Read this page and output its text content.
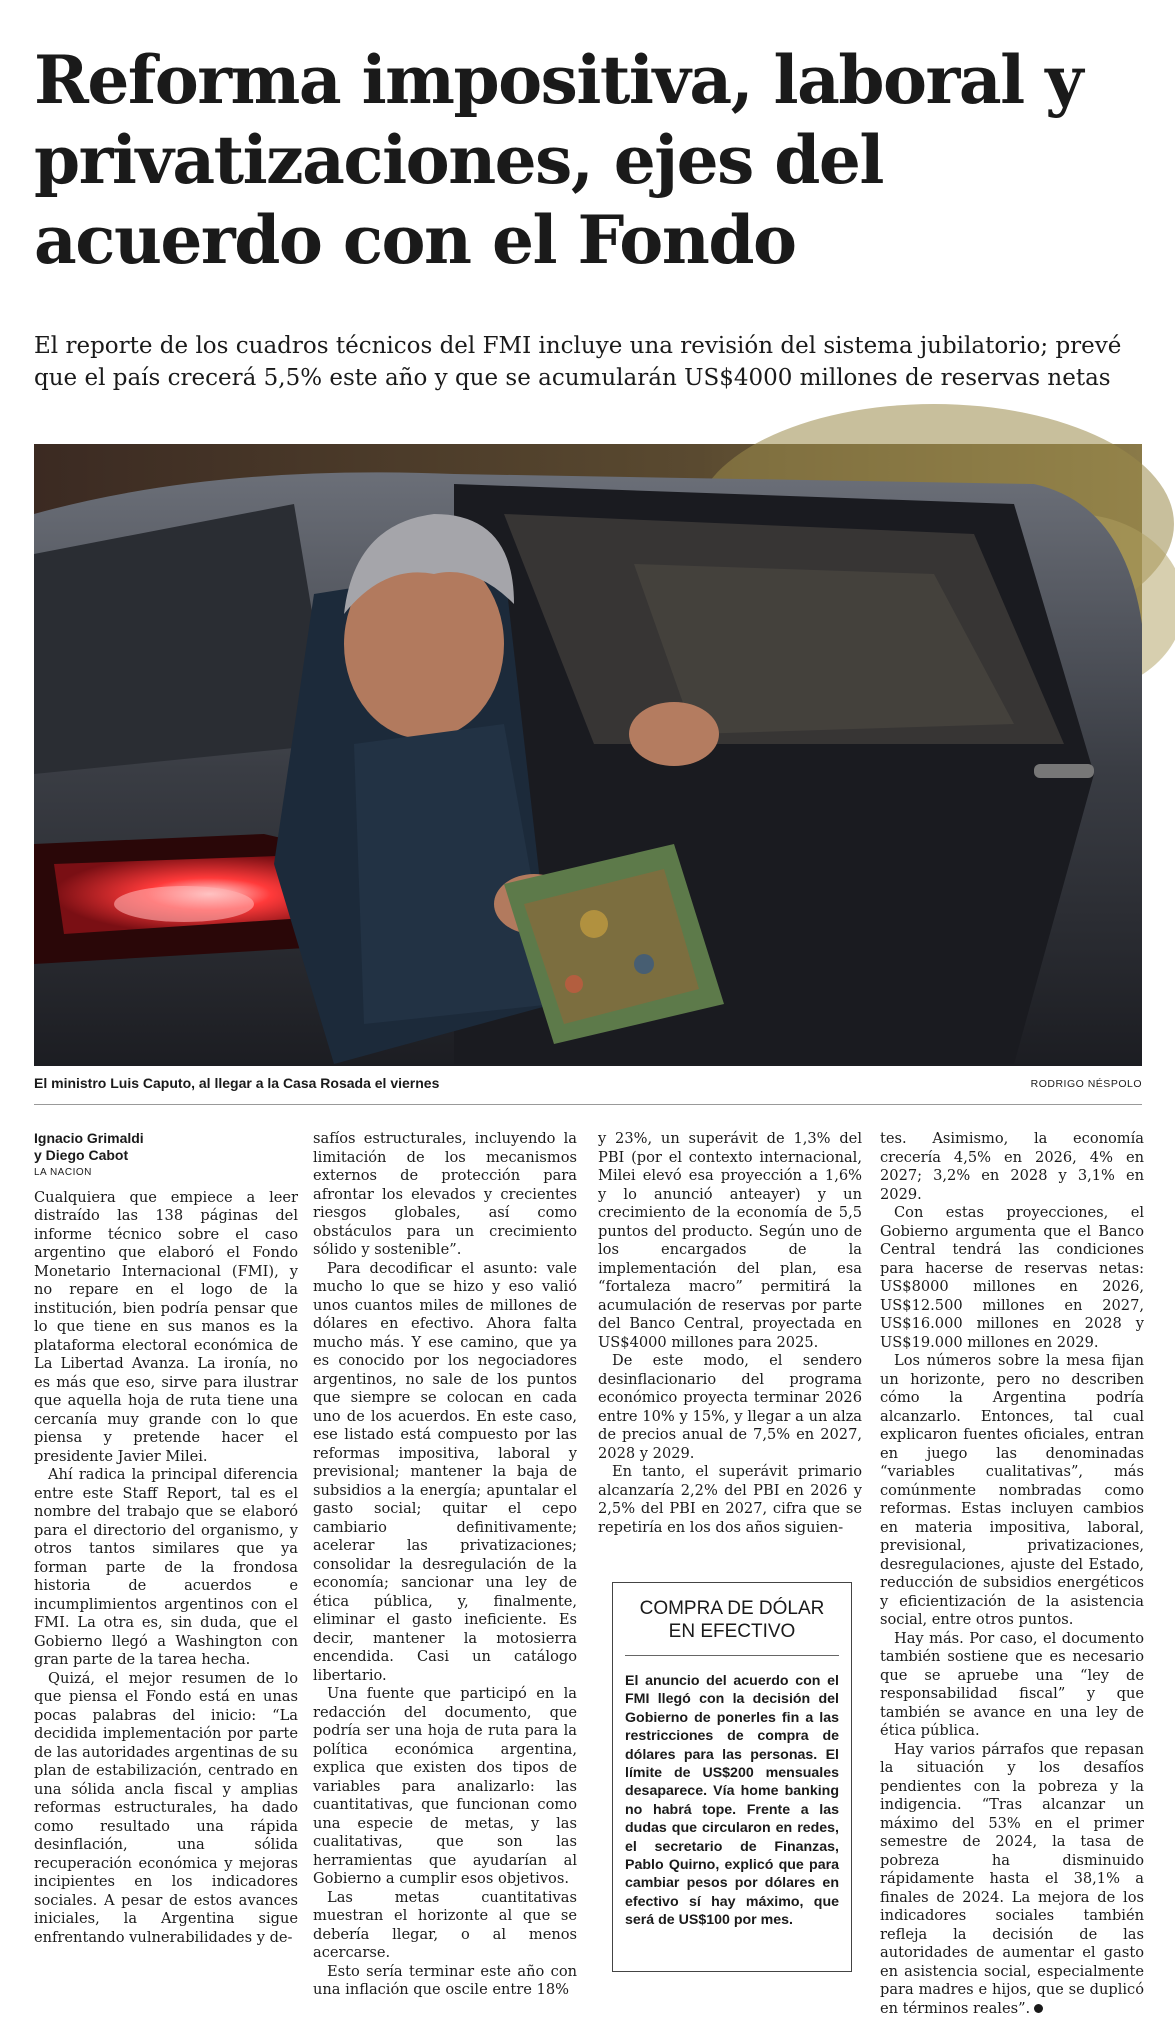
Reforma impositiva, laboral y privatizaciones, ejes del acuerdo con el Fondo

El reporte de los cuadros técnicos del FMI incluye una revisión del sistema jubilatorio; prevé que el país crecerá 5,5% este año y que se acumularán US$4000 millones de reservas netas

El ministro Luis Caputo, al llegar a la Casa Rosada el viernes	RODRIGO NÉSPOLO
Ignacio Grimaldi
y Diego Cabot
LA NACION

Cualquiera que empiece a leer distraído las 138 páginas del informe técnico sobre el caso argentino que elaboró el Fondo Monetario Internacional (FMI), y no repare en el logo de la institución, bien podría pensar que lo que tiene en sus manos es la plataforma electoral económica de La Libertad Avanza. La ironía, no es más que eso, sirve para ilustrar que aquella hoja de ruta tiene una cercanía muy grande con lo que piensa y pretende hacer el presidente Javier Milei.

Ahí radica la principal diferencia entre este Staff Report, tal es el nombre del trabajo que se elaboró para el directorio del organismo, y otros tantos similares que ya forman parte de la frondosa historia de acuerdos e incumplimientos argentinos con el FMI. La otra es, sin duda, que el Gobierno llegó a Washington con gran parte de la tarea hecha.

Quizá, el mejor resumen de lo que piensa el Fondo está en unas pocas palabras del inicio: “La decidida implementación por parte de las autoridades argentinas de su plan de estabilización, centrado en una sólida ancla fiscal y amplias reformas estructurales, ha dado como resultado una rápida desinflación, una sólida recuperación económica y mejoras incipientes en los indicadores sociales. A pesar de estos avances iniciales, la Argentina sigue enfrentando vulnerabilidades y de-

safíos estructurales, incluyendo la limitación de los mecanismos externos de protección para afrontar los elevados y crecientes riesgos globales, así como obstáculos para un crecimiento sólido y sostenible”.

Para decodificar el asunto: vale mucho lo que se hizo y eso valió unos cuantos miles de millones de dólares en efectivo. Ahora falta mucho más. Y ese camino, que ya es conocido por los negociadores argentinos, no sale de los puntos que siempre se colocan en cada uno de los acuerdos. En este caso, ese listado está compuesto por las reformas impositiva, laboral y previsional; mantener la baja de subsidios a la energía; apuntalar el gasto social; quitar el cepo cambiario definitivamente; acelerar las privatizaciones; consolidar la desregulación de la economía; sancionar una ley de ética pública, y, finalmente, eliminar el gasto ineficiente. Es decir, mantener la motosierra encendida. Casi un catálogo libertario.

Una fuente que participó en la redacción del documento, que podría ser una hoja de ruta para la política económica argentina, explica que existen dos tipos de variables para analizarlo: las cuantitativas, que funcionan como una especie de metas, y las cualitativas, que son las herramientas que ayudarían al Gobierno a cumplir esos objetivos.

Las metas cuantitativas muestran el horizonte al que se debería llegar, o al menos acercarse.

Esto sería terminar este año con una inflación que oscile entre 18%

y 23%, un superávit de 1,3% del PBI (por el contexto internacional, Milei elevó esa proyección a 1,6% y lo anunció anteayer) y un crecimiento de la economía de 5,5 puntos del producto. Según uno de los encargados de la implementación del plan, esa “fortaleza macro” permitirá la acumulación de reservas por parte del Banco Central, proyectada en US$4000 millones para 2025.

De este modo, el sendero desinflacionario del programa económico proyecta terminar 2026 entre 10% y 15%, y llegar a un alza de precios anual de 7,5% en 2027, 2028 y 2029.

En tanto, el superávit primario alcanzaría 2,2% del PBI en 2026 y 2,5% del PBI en 2027, cifra que se repetiría en los dos años siguien-

COMPRA DE DÓLAR EN EFECTIVO

El anuncio del acuerdo con el FMI llegó con la decisión del Gobierno de ponerles fin a las restricciones de compra de dólares para las personas. El límite de US$200 mensuales desaparece. Vía home banking no habrá tope. Frente a las dudas que circularon en redes, el secretario de Finanzas, Pablo Quirno, explicó que para cambiar pesos por dólares en efectivo sí hay máximo, que será de US$100 por mes.

tes. Asimismo, la economía crecería 4,5% en 2026, 4% en 2027; 3,2% en 2028 y 3,1% en 2029.

Con estas proyecciones, el Gobierno argumenta que el Banco Central tendrá las condiciones para hacerse de reservas netas: US$8000 millones en 2026, US$12.500 millones en 2027, US$16.000 millones en 2028 y US$19.000 millones en 2029.

Los números sobre la mesa fijan un horizonte, pero no describen cómo la Argentina podría alcanzarlo. Entonces, tal cual explicaron fuentes oficiales, entran en juego las denominadas “variables cualitativas”, más comúnmente nombradas como reformas. Estas incluyen cambios en materia impositiva, laboral, previsional, privatizaciones, desregulaciones, ajuste del Estado, reducción de subsidios energéticos y eficientización de la asistencia social, entre otros puntos.

Hay más. Por caso, el documento también sostiene que es necesario que se apruebe una “ley de responsabilidad fiscal” y que también se avance en una ley de ética pública.

Hay varios párrafos que repasan la situación y los desafíos pendientes con la pobreza y la indigencia. “Tras alcanzar un máximo del 53% en el primer semestre de 2024, la tasa de pobreza ha disminuido rápidamente hasta el 38,1% a finales de 2024. La mejora de los indicadores sociales también refleja la decisión de las autoridades de aumentar el gasto en asistencia social, especialmente para madres e hijos, que se duplicó en términos reales”.
